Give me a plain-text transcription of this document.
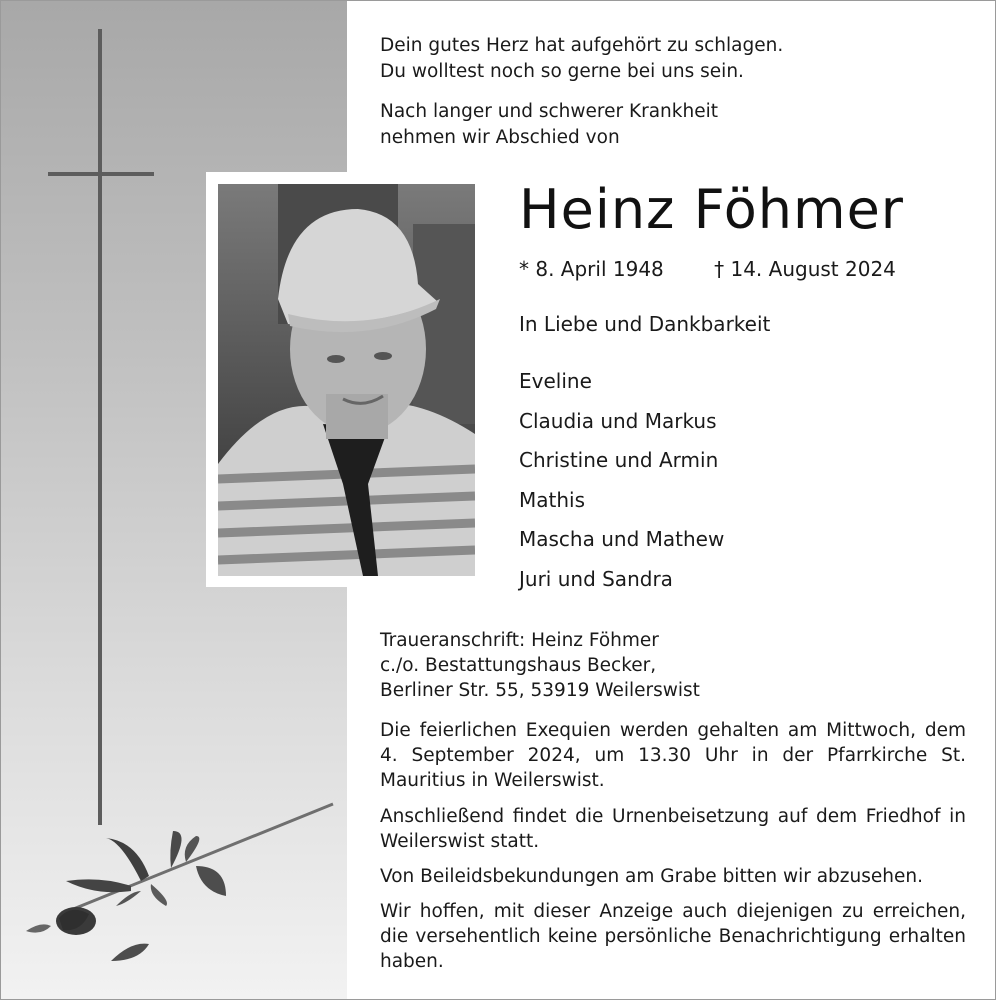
Dein gutes Herz hat aufgehört zu schlagen.
Du wolltest noch so gerne bei uns sein.
Nach langer und schwerer Krankheit
nehmen wir Abschied von
Heinz Föhmer
* 8. April 1948	† 14. August 2024
In Liebe und Dankbarkeit
Eveline
Claudia und Markus
Christine und Armin
Mathis
Mascha und Mathew
Juri und Sandra
Traueranschrift: Heinz Föhmer
c./o. Bestattungshaus Becker,
Berliner Str. 55, 53919 Weilerswist
Die feierlichen Exequien werden gehalten am Mittwoch, dem 4. September 2024, um 13.30 Uhr in der Pfarrkirche St. Mauritius in Weilerswist.
Anschließend findet die Urnenbeisetzung auf dem Friedhof in Weilerswist statt.
Von Beileidsbekundungen am Grabe bitten wir abzusehen.
Wir hoffen, mit dieser Anzeige auch diejenigen zu erreichen, die versehentlich keine persönliche Benachrichtigung erhalten haben.
